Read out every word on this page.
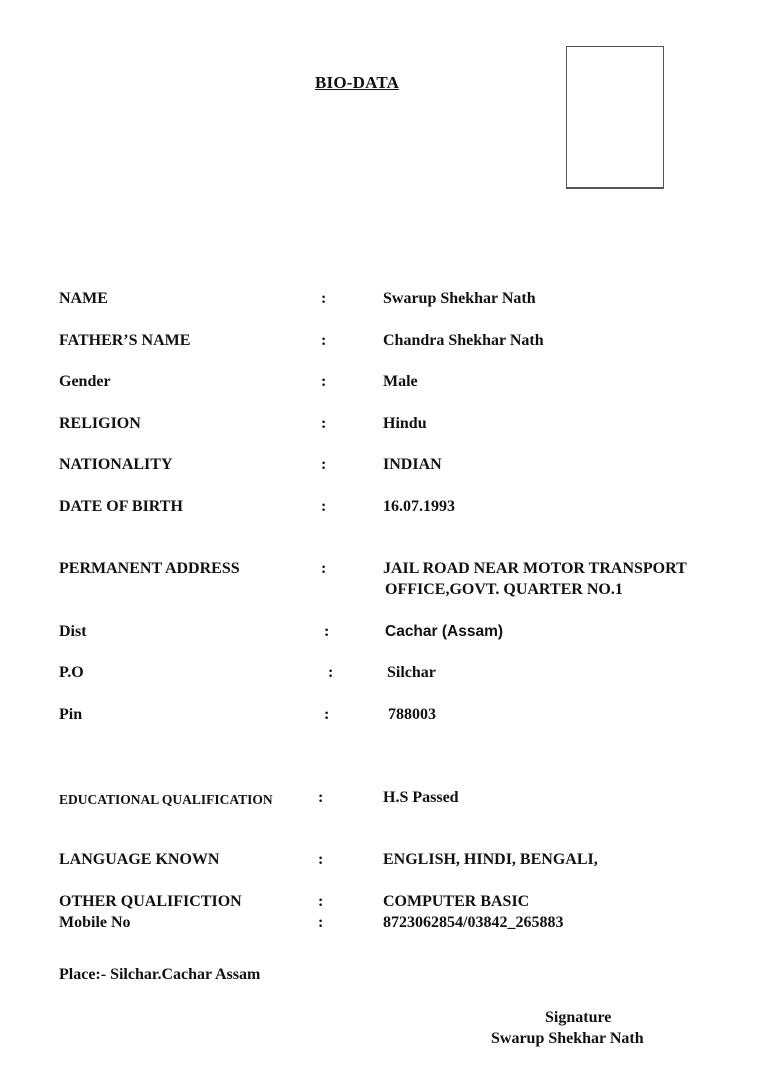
BIO-DATA
NAME	:	Swarup Shekhar Nath
FATHER’S NAME	:	Chandra Shekhar Nath
Gender	:	Male
RELIGION	:	Hindu
NATIONALITY	:	INDIAN
DATE OF BIRTH	:	16.07.1993
PERMANENT ADDRESS	:	JAIL ROAD NEAR MOTOR TRANSPORT
OFFICE,GOVT. QUARTER NO.1
Dist	:	Cachar (Assam)
P.O	:	Silchar
Pin	:	788003
EDUCATIONAL QUALIFICATION	:	H.S Passed
LANGUAGE KNOWN	:	ENGLISH, HINDI, BENGALI,
OTHER QUALIFICTION	:	COMPUTER BASIC
Mobile No	:	8723062854/03842_265883
Place:- Silchar.Cachar Assam
Signature
Swarup Shekhar Nath
